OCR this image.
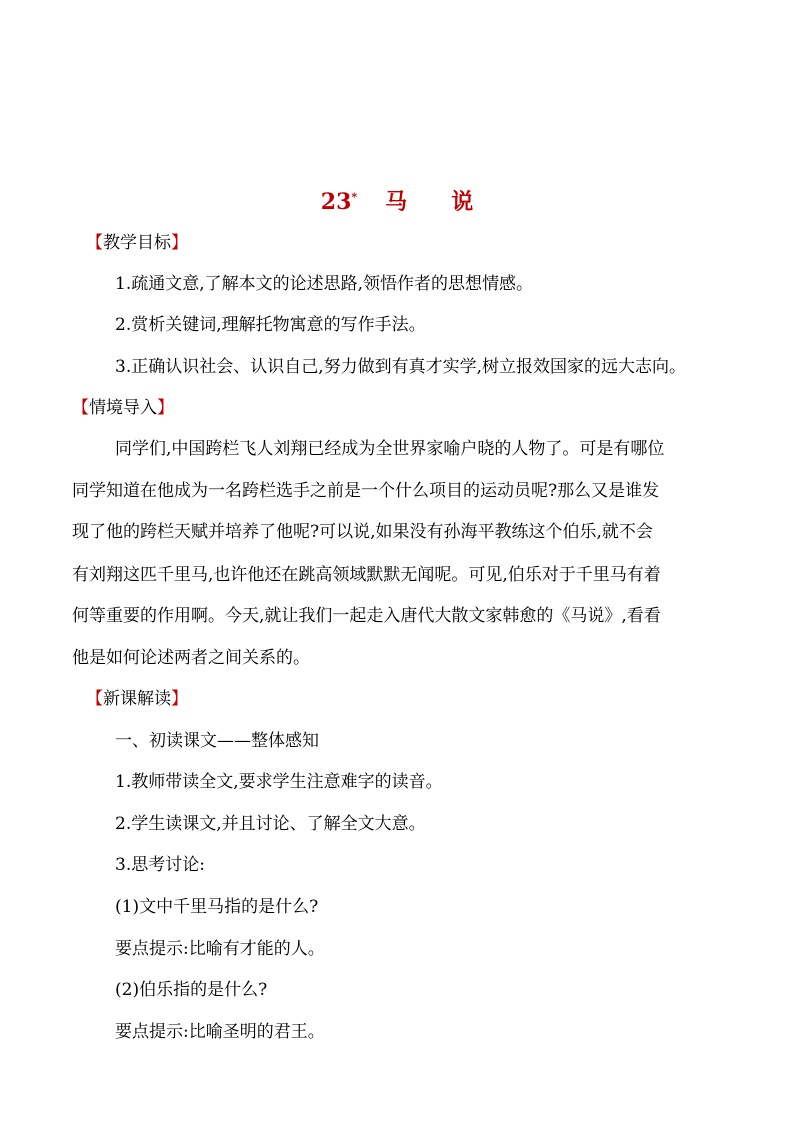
23* 马 说
【教学目标】
1.疏通文意,了解本文的论述思路,领悟作者的思想情感。
2.赏析关键词,理解托物寓意的写作手法。
3.正确认识社会、认识自己,努力做到有真才实学,树立报效国家的远大志向。
【情境导入】
同学们,中国跨栏飞人刘翔已经成为全世界家喻户晓的人物了。可是有哪位
同学知道在他成为一名跨栏选手之前是一个什么项目的运动员呢?那么又是谁发
现了他的跨栏天赋并培养了他呢?可以说,如果没有孙海平教练这个伯乐,就不会
有刘翔这匹千里马,也许他还在跳高领域默默无闻呢。可见,伯乐对于千里马有着
何等重要的作用啊。今天,就让我们一起走入唐代大散文家韩愈的《马说》,看看
他是如何论述两者之间关系的。
【新课解读】
一、初读课文——整体感知
1.教师带读全文,要求学生注意难字的读音。
2.学生读课文,并且讨论、了解全文大意。
3.思考讨论:
(1)文中千里马指的是什么?
要点提示:比喻有才能的人。
(2)伯乐指的是什么?
要点提示:比喻圣明的君王。
